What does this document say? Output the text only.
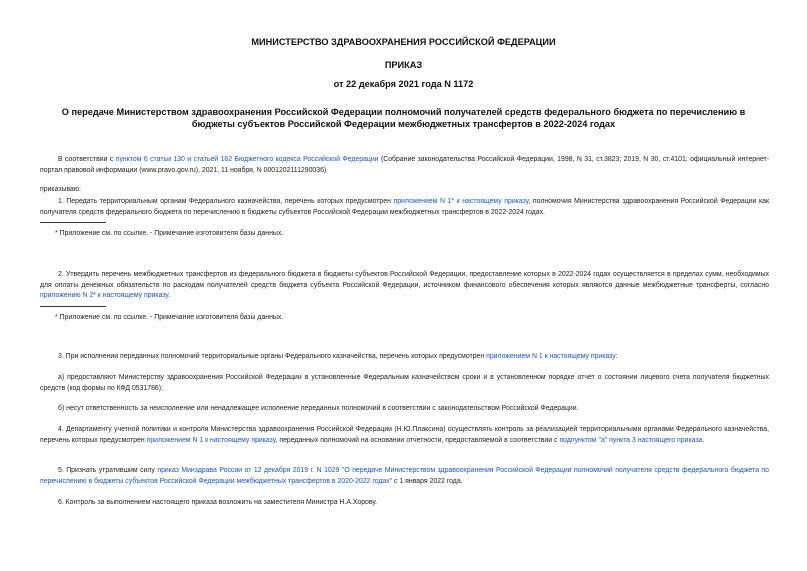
МИНИСТЕРСТВО ЗДРАВООХРАНЕНИЯ РОССИЙСКОЙ ФЕДЕРАЦИИ
ПРИКАЗ
от 22 декабря 2021 года N 1172
О передаче Министерством здравоохранения Российской Федерации полномочий получателей средств федерального бюджета по перечислению в бюджеты субъектов Российской Федерации межбюджетных трансфертов в 2022-2024 годах
В соответствии с пунктом 6 статьи 130 и статьей 162 Бюджетного кодекса Российской Федерации (Собрание законодательства Российской Федерации, 1998, N 31, ст.3823; 2019, N 30, ст.4101; официальный интернет-портал правовой информации (www.pravo.gov.ru), 2021, 11 ноября, N 0001202111290036)
приказываю:
1. Передать территориальным органам Федерального казначейства, перечень которых предусмотрен приложением N 1* к настоящему приказу, полномочия Министерства здравоохранения Российской Федерации как получателя средств федерального бюджета по перечислению в бюджеты субъектов Российской Федерации межбюджетных трансфертов в 2022-2024 годах.
* Приложение см. по ссылке. - Примечание изготовителя базы данных.
2. Утвердить перечень межбюджетных трансфертов из федерального бюджета в бюджеты субъектов Российской Федерации, предоставление которых в 2022-2024 годах осуществляется в пределах сумм, необходимых для оплаты денежных обязательств по расходам получателей средств бюджета субъекта Российской Федерации, источником финансового обеспечения которых являются данные межбюджетные трансферты, согласно приложению N 2* к настоящему приказу.
* Приложение см. по ссылке. - Примечание изготовителя базы данных.
3. При исполнении переданных полномочий территориальные органы Федерального казначейства, перечень которых предусмотрен приложением N 1 к настоящему приказу:
а) предоставляют Министерству здравоохранения Российской Федерации в установленные Федеральным казначейством сроки и в установленном порядке отчет о состоянии лицевого счета получателя бюджетных средств (код формы по КФД 0531786);
б) несут ответственность за неисполнение или ненадлежащее исполнение переданных полномочий в соответствии с законодательством Российской Федерации.
4. Департаменту учетной политики и контроля Министерства здравоохранения Российской Федерации (Н.Ю.Плаксина) осуществлять контроль за реализацией территориальными органами Федерального казначейства, перечень которых предусмотрен приложением N 1 к настоящему приказу, переданных полномочий на основании отчетности, предоставляемой в соответствии с подпунктом "а" пункта 3 настоящего приказа.
5. Признать утратившим силу приказ Минздрава России от 12 декабря 2019 г. N 1029 "О передаче Министерством здравоохранения Российской Федерации полномочий получателя средств федерального бюджета по перечислению в бюджеты субъектов Российской Федерации межбюджетных трансфертов в 2020-2022 годах" с 1 января 2022 года.
6. Контроль за выполнением настоящего приказа возложить на заместителя Министра Н.А.Хорову.
